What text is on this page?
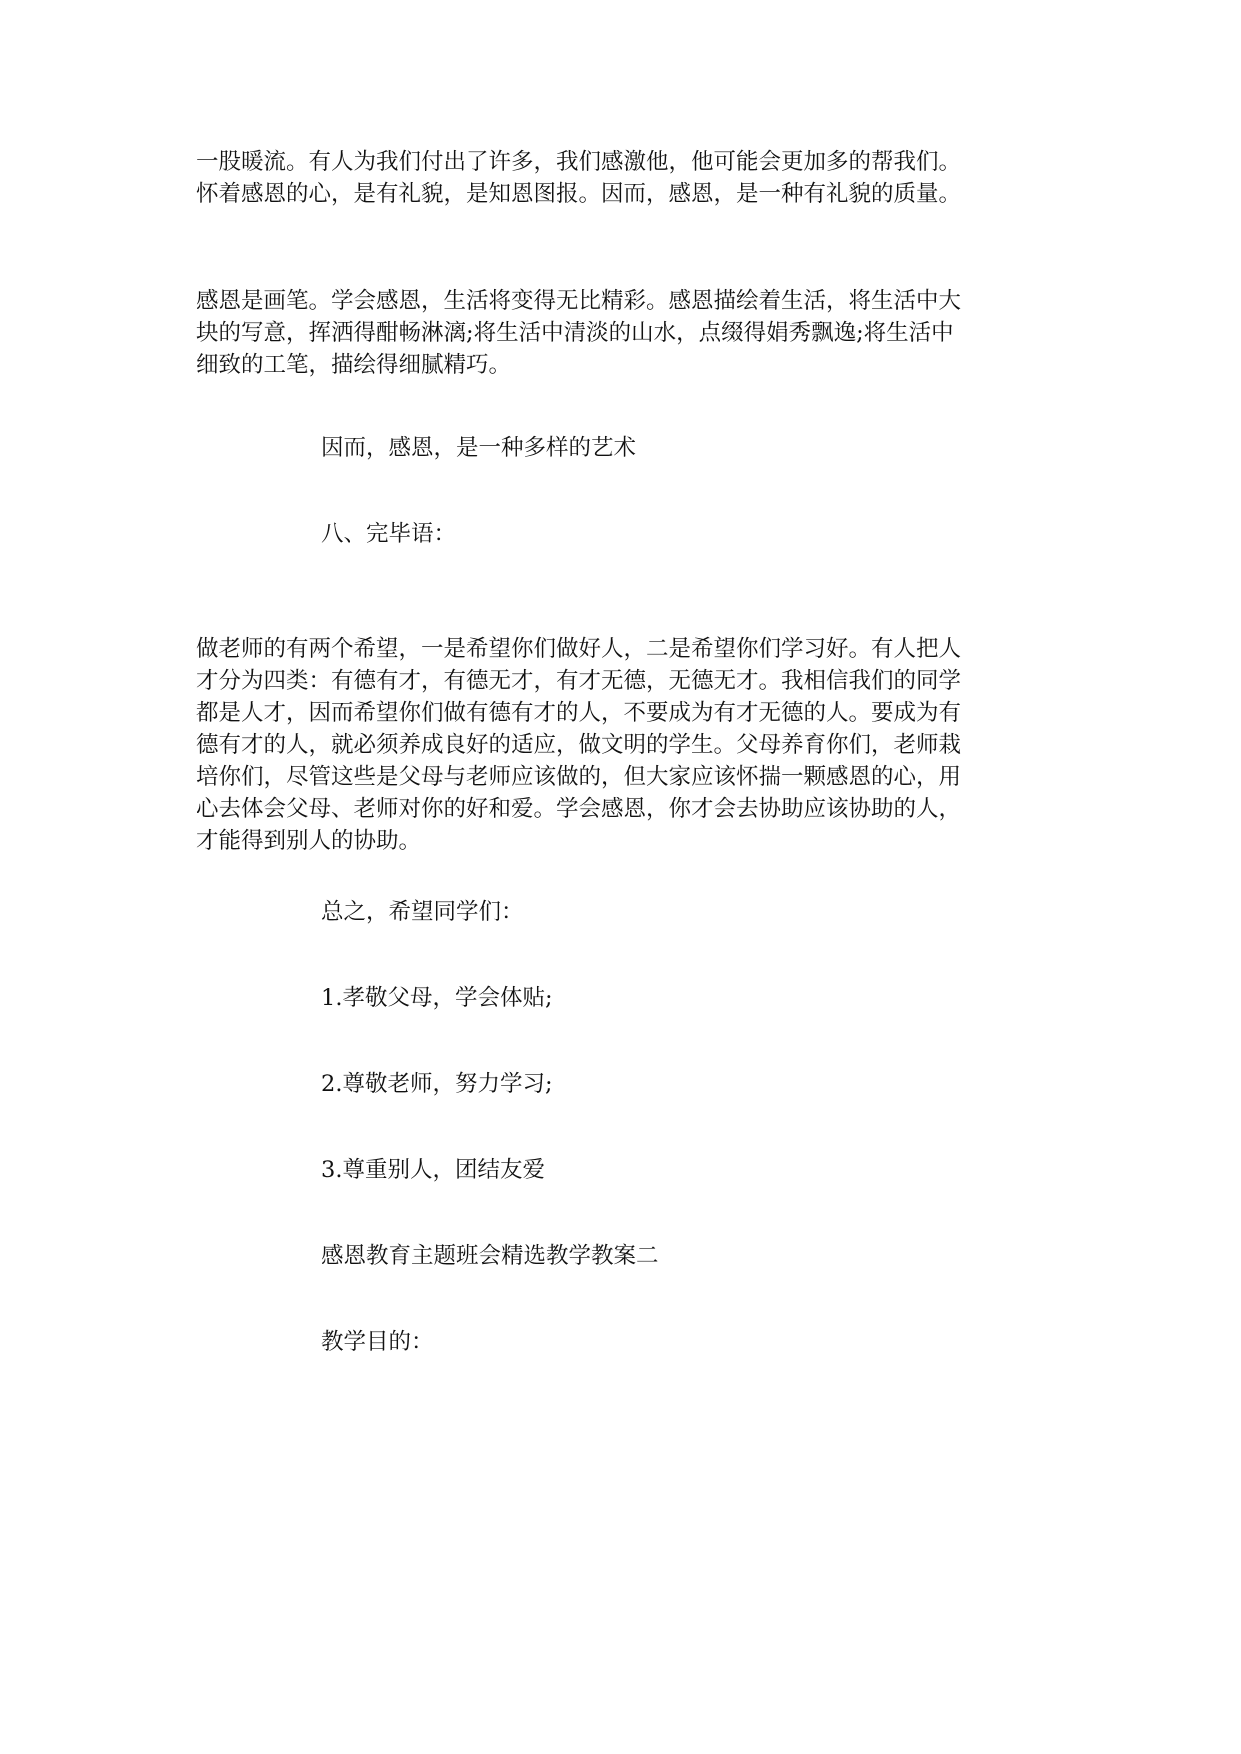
一股暖流。有人为我们付出了许多，我们感激他，他可能会更加多的帮我们。
怀着感恩的心，是有礼貌，是知恩图报。因而，感恩，是一种有礼貌的质量。
感恩是画笔。学会感恩，生活将变得无比精彩。感恩描绘着生活，将生活中大
块的写意，挥洒得酣畅淋漓;将生活中清淡的山水，点缀得娟秀飘逸;将生活中
细致的工笔，描绘得细腻精巧。

因而，感恩，是一种多样的艺术

八、完毕语：

做老师的有两个希望，一是希望你们做好人，二是希望你们学习好。有人把人
才分为四类：有德有才，有德无才，有才无德，无德无才。我相信我们的同学
都是人才，因而希望你们做有德有才的人，不要成为有才无德的人。要成为有
德有才的人，就必须养成良好的适应，做文明的学生。父母养育你们，老师栽
培你们，尽管这些是父母与老师应该做的，但大家应该怀揣一颗感恩的心，用
心去体会父母、老师对你的好和爱。学会感恩，你才会去协助应该协助的人，
才能得到别人的协助。

总之，希望同学们：

1.孝敬父母，学会体贴;

2.尊敬老师，努力学习;

3.尊重别人，团结友爱

感恩教育主题班会精选教学教案二

教学目的：
